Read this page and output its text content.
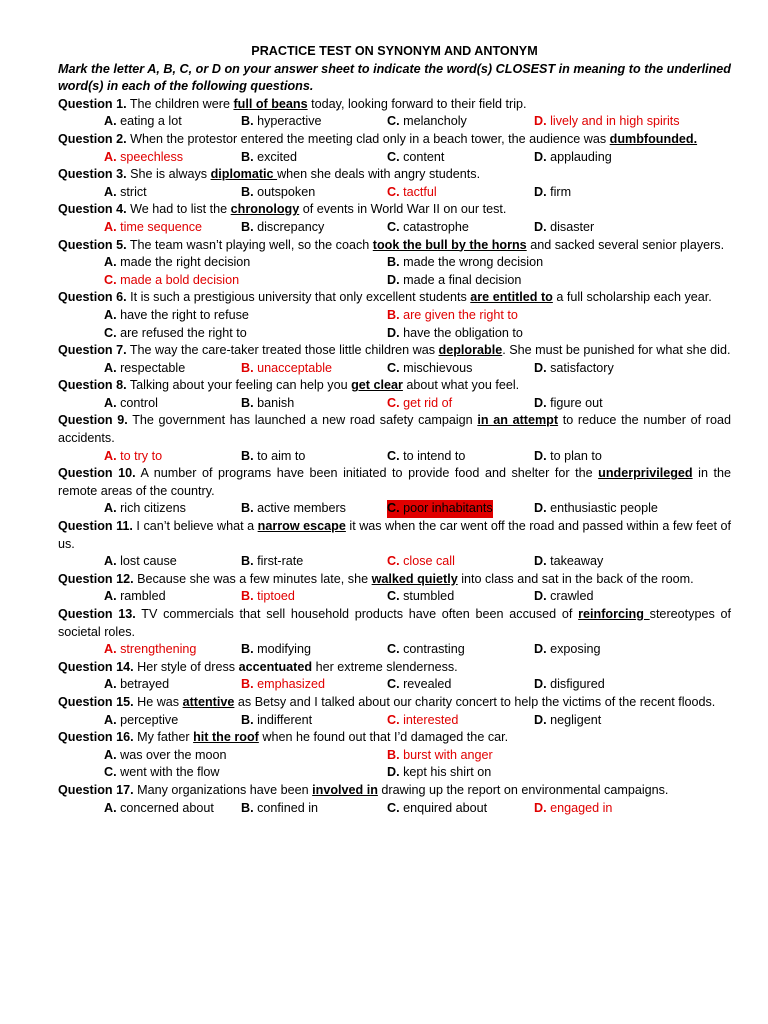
PRACTICE TEST ON SYNONYM AND ANTONYM
Mark the letter A, B, C, or D on your answer sheet to indicate the word(s) CLOSEST in meaning to the underlined word(s) in each of the following questions.
Question 1. The children were full of beans today, looking forward to their field trip.
A. eating a lot	B. hyperactive	C. melancholy	D. lively and in high spirits
Question 2. When the protestor entered the meeting clad only in a beach tower, the audience was dumbfounded.
A. speechless	B. excited	C. content	D. applauding
Question 3. She is always diplomatic when she deals with angry students.
A. strict	B. outspoken	C. tactful	D. firm
Question 4. We had to list the chronology of events in World War II on our test.
A. time sequence	B. discrepancy	C. catastrophe	D. disaster
Question 5. The team wasn’t playing well, so the coach took the bull by the horns and sacked several senior players.
A. made the right decision	B. made the wrong decision
C. made a bold decision	D. made a final decision
Question 6. It is such a prestigious university that only excellent students are entitled to a full scholarship each year.
A. have the right to refuse	B. are given the right to
C. are refused the right to	D. have the obligation to
Question 7. The way the care-taker treated those little children was deplorable. She must be punished for what she did.
A. respectable	B. unacceptable	C. mischievous	D. satisfactory
Question 8. Talking about your feeling can help you get clear about what you feel.
A. control	B. banish	C. get rid of	D. figure out
Question 9. The government has launched a new road safety campaign in an attempt to reduce the number of road accidents.
A. to try to	B. to aim to	C. to intend to	D. to plan to
Question 10. A number of programs have been initiated to provide food and shelter for the underprivileged in the remote areas of the country.
A. rich citizens	B. active members	C. poor inhabitants	D. enthusiastic people
Question 11. I can’t believe what a narrow escape it was when the car went off the road and passed within a few feet of us.
A. lost cause	B. first-rate	C. close call	D. takeaway
Question 12. Because she was a few minutes late, she walked quietly into class and sat in the back of the room.
A. rambled	B. tiptoed	C. stumbled	D. crawled
Question 13. TV commercials that sell household products have often been accused of reinforcing stereotypes of societal roles.
A. strengthening	B. modifying	C. contrasting	D. exposing
Question 14. Her style of dress accentuated her extreme slenderness.
A. betrayed	B. emphasized	C. revealed	D. disfigured
Question 15. He was attentive as Betsy and I talked about our charity concert to help the victims of the recent floods.
A. perceptive	B. indifferent	C. interested	D. negligent
Question 16. My father hit the roof when he found out that I’d damaged the car.
A. was over the moon	B. burst with anger
C. went with the flow	D. kept his shirt on
Question 17. Many organizations have been involved in drawing up the report on environmental campaigns.
A. concerned about B. confined in	C. enquired about	D. engaged in
